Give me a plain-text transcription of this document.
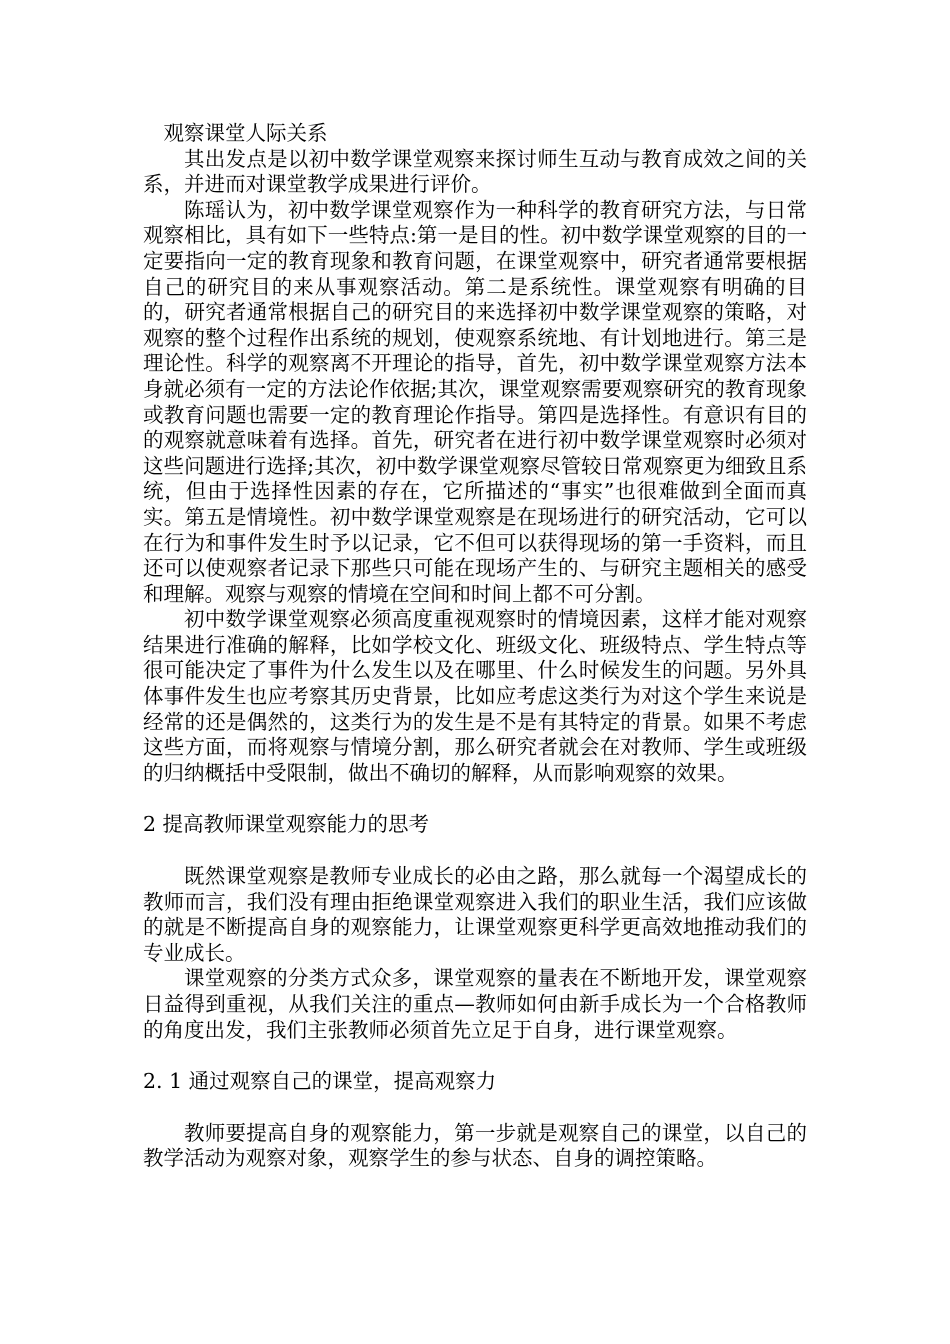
观察课堂人际关系

其出发点是以初中数学课堂观察来探讨师生互动与教育成效之间的关系，并进而对课堂教学成果进行评价。

陈瑶认为，初中数学课堂观察作为一种科学的教育研究方法，与日常观察相比，具有如下一些特点:第一是目的性。初中数学课堂观察的目的一定要指向一定的教育现象和教育问题，在课堂观察中，研究者通常要根据自己的研究目的来从事观察活动。第二是系统性。课堂观察有明确的目的，研究者通常根据自己的研究目的来选择初中数学课堂观察的策略，对观察的整个过程作出系统的规划，使观察系统地、有计划地进行。第三是理论性。科学的观察离不开理论的指导，首先，初中数学课堂观察方法本身就必须有一定的方法论作依据;其次，课堂观察需要观察研究的教育现象或教育问题也需要一定的教育理论作指导。第四是选择性。有意识有目的的观察就意味着有选择。首先，研究者在进行初中数学课堂观察时必须对这些问题进行选择;其次，初中数学课堂观察尽管较日常观察更为细致且系统，但由于选择性因素的存在，它所描述的“事实”也很难做到全面而真实。第五是情境性。初中数学课堂观察是在现场进行的研究活动，它可以在行为和事件发生时予以记录，它不但可以获得现场的第一手资料，而且还可以使观察者记录下那些只可能在现场产生的、与研究主题相关的感受和理解。观察与观察的情境在空间和时间上都不可分割。

初中数学课堂观察必须高度重视观察时的情境因素，这样才能对观察结果进行准确的解释，比如学校文化、班级文化、班级特点、学生特点等很可能决定了事件为什么发生以及在哪里、什么时候发生的问题。另外具体事件发生也应考察其历史背景，比如应考虑这类行为对这个学生来说是经常的还是偶然的，这类行为的发生是不是有其特定的背景。如果不考虑这些方面，而将观察与情境分割，那么研究者就会在对教师、学生或班级的归纳概括中受限制，做出不确切的解释，从而影响观察的效果。

2 提高教师课堂观察能力的思考

既然课堂观察是教师专业成长的必由之路，那么就每一个渴望成长的教师而言，我们没有理由拒绝课堂观察进入我们的职业生活，我们应该做的就是不断提高自身的观察能力，让课堂观察更科学更高效地推动我们的专业成长。

课堂观察的分类方式众多，课堂观察的量表在不断地开发，课堂观察日益得到重视，从我们关注的重点—教师如何由新手成长为一个合格教师的角度出发，我们主张教师必须首先立足于自身，进行课堂观察。

2. 1 通过观察自己的课堂，提高观察力

教师要提高自身的观察能力，第一步就是观察自己的课堂，以自己的教学活动为观察对象，观察学生的参与状态、自身的调控策略。
